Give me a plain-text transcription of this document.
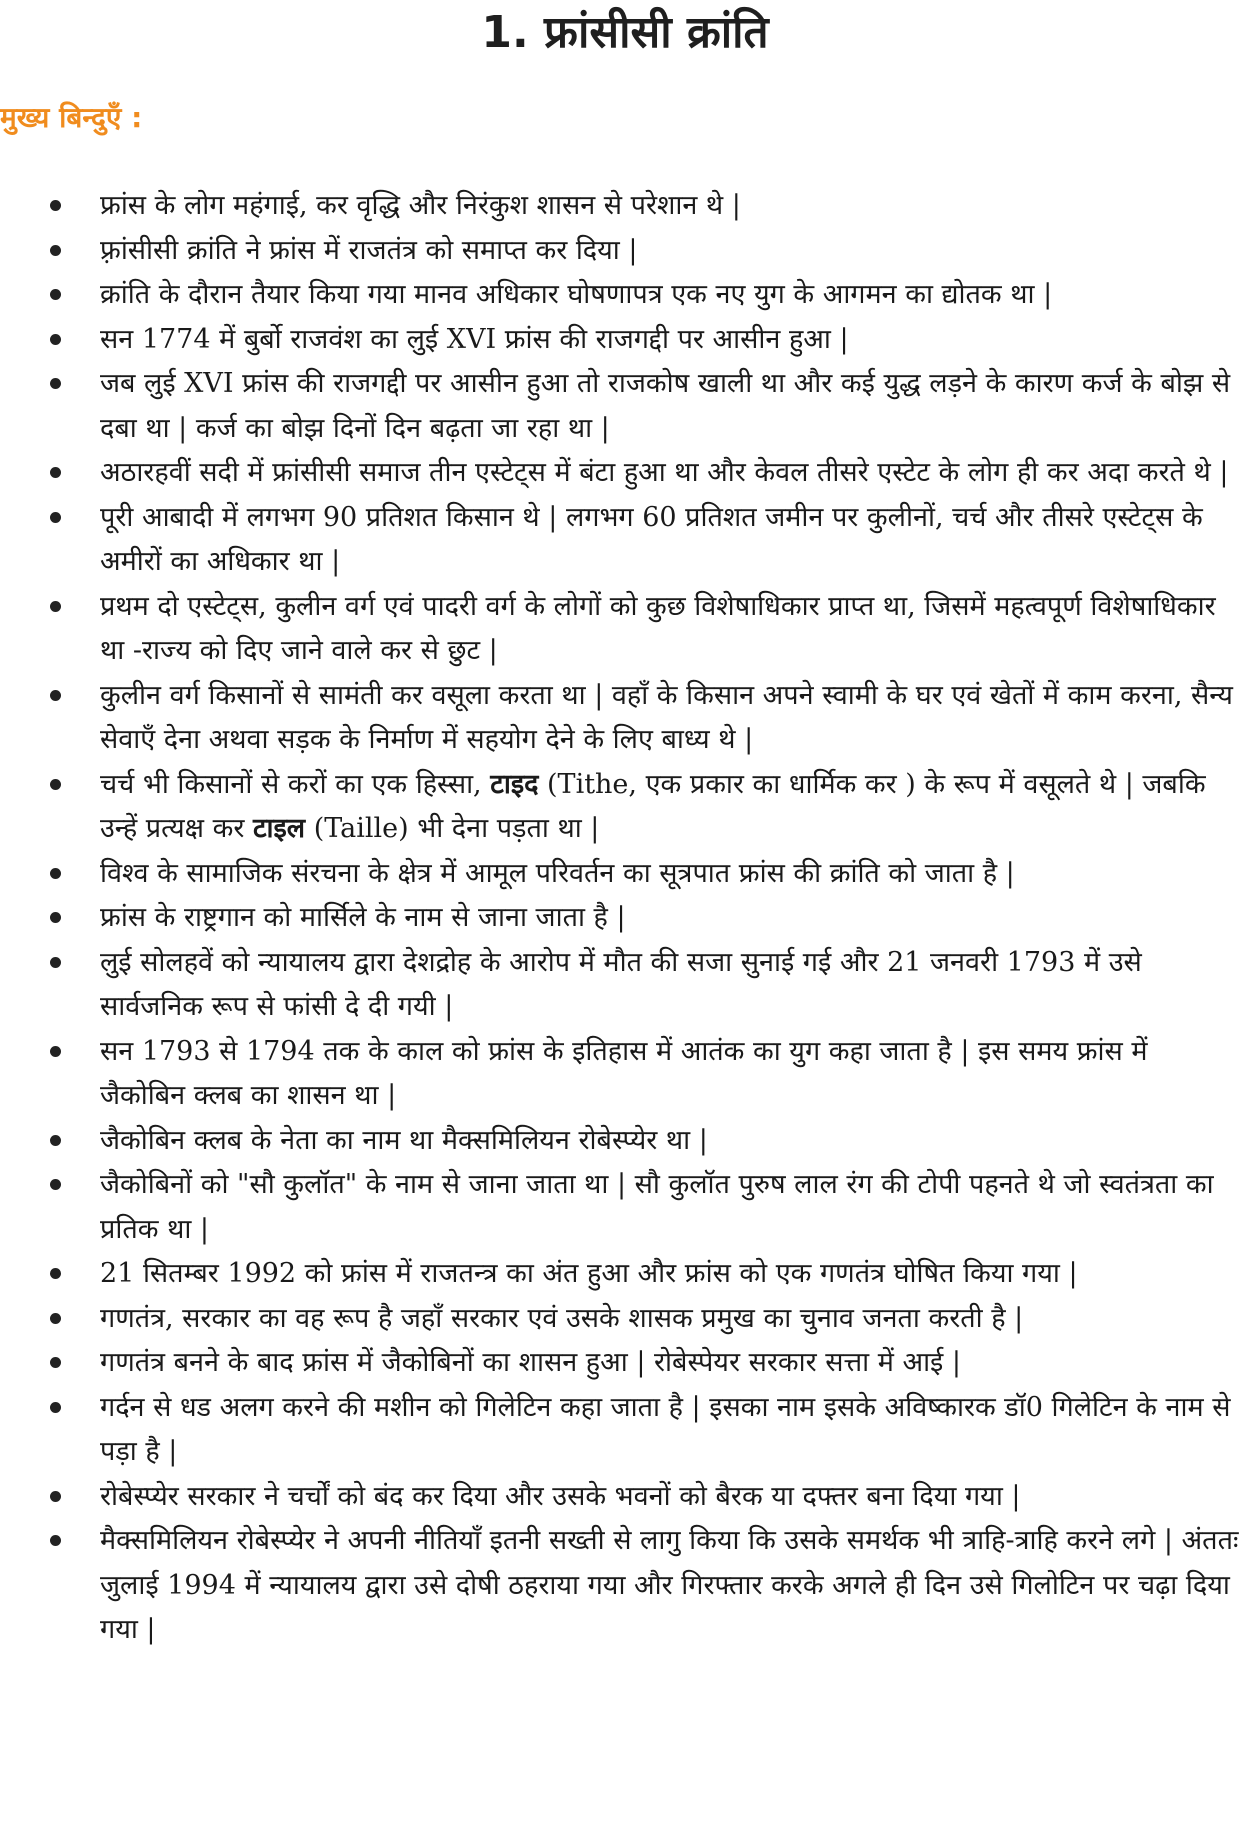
1. फ्रांसीसी क्रांति
मुख्य बिन्दुएँ :
फ्रांस के लोग महंगाई, कर वृद्धि और निरंकुश शासन से परेशान थे |
फ़्रांसीसी क्रांति ने फ्रांस में राजतंत्र को समाप्त कर दिया |
क्रांति के दौरान तैयार किया गया मानव अधिकार घोषणापत्र एक नए युग के आगमन का द्योतक था |
सन 1774 में बुर्बो राजवंश का लुई XVI फ्रांस की राजगद्दी पर आसीन हुआ |
जब लुई XVI फ्रांस की राजगद्दी पर आसीन हुआ तो राजकोष खाली था और कई युद्ध लड़ने के कारण कर्ज के बोझ से दबा था | कर्ज का बोझ दिनों दिन बढ़ता जा रहा था |
अठारहवीं सदी में फ्रांसीसी समाज तीन एस्टेट्स में बंटा हुआ था और केवल तीसरे एस्टेट के लोग ही कर अदा करते थे |
पूरी आबादी में लगभग 90 प्रतिशत किसान थे | लगभग 60 प्रतिशत जमीन पर कुलीनों, चर्च और तीसरे एस्टेट्स के अमीरों का अधिकार था |
प्रथम दो एस्टेट्स, कुलीन वर्ग एवं पादरी वर्ग के लोगों को कुछ विशेषाधिकार प्राप्त था, जिसमें महत्वपूर्ण विशेषाधिकार था -राज्य को दिए जाने वाले कर से छुट |
कुलीन वर्ग किसानों से सामंती कर वसूला करता था | वहाँ के किसान अपने स्वामी के घर एवं खेतों में काम करना, सैन्य सेवाएँ देना अथवा सड़क के निर्माण में सहयोग देने के लिए बाध्य थे |
चर्च भी किसानों से करों का एक हिस्सा, टाइद (Tithe, एक प्रकार का धार्मिक कर ) के रूप में वसूलते थे | जबकि उन्हें प्रत्यक्ष कर टाइल (Taille) भी देना पड़ता था |
विश्व के सामाजिक संरचना के क्षेत्र में आमूल परिवर्तन का सूत्रपात फ्रांस की क्रांति को जाता है |
फ्रांस के राष्ट्रगान को मार्सिले के नाम से जाना जाता है |
लुई सोलहवें को न्यायालय द्वारा देशद्रोह के आरोप में मौत की सजा सुनाई गई और 21 जनवरी 1793 में उसे सार्वजनिक रूप से फांसी दे दी गयी |
सन 1793 से 1794 तक के काल को फ्रांस के इतिहास में आतंक का युग कहा जाता है | इस समय फ्रांस में जैकोबिन क्लब का शासन था |
जैकोबिन क्लब के नेता का नाम था मैक्समिलियन रोबेस्प्येर था |
जैकोबिनों को "सौ कुलॉत" के नाम से जाना जाता था | सौ कुलॉत पुरुष लाल रंग की टोपी पहनते थे जो स्वतंत्रता का प्रतिक था |
21 सितम्बर 1992 को फ्रांस में राजतन्त्र का अंत हुआ और फ्रांस को एक गणतंत्र घोषित किया गया |
गणतंत्र, सरकार का वह रूप है जहाँ सरकार एवं उसके शासक प्रमुख का चुनाव जनता करती है |
गणतंत्र बनने के बाद फ्रांस में जैकोबिनों का शासन हुआ | रोबेस्पेयर सरकार सत्ता में आई |
गर्दन से धड अलग करने की मशीन को गिलेटिन कहा जाता है | इसका नाम इसके अविष्कारक डॉ0 गिलेटिन के नाम से पड़ा है |
रोबेस्प्येर सरकार ने चर्चों को बंद कर दिया और उसके भवनों को बैरक या दफ्तर बना दिया गया |
मैक्समिलियन रोबेस्प्येर ने अपनी नीतियाँ इतनी सख्ती से लागु किया कि उसके समर्थक भी त्राहि-त्राहि करने लगे | अंततः जुलाई 1994 में न्यायालय द्वारा उसे दोषी ठहराया गया और गिरफ्तार करके अगले ही दिन उसे गिलोटिन पर चढ़ा दिया गया |
